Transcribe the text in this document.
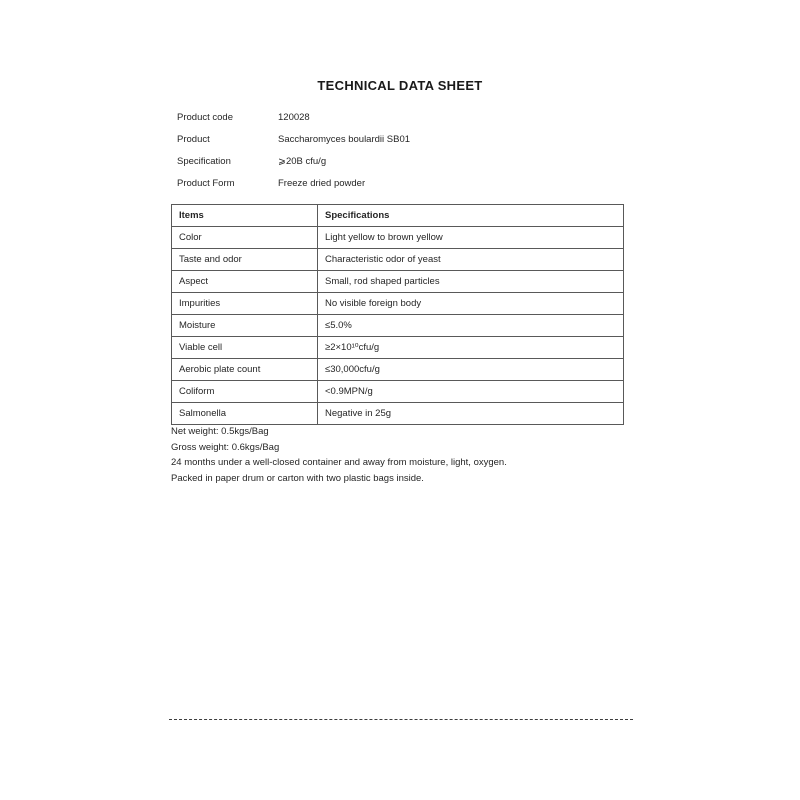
TECHNICAL DATA SHEET
Product code	120028
Product	Saccharomyces boulardii SB01
Specification	⩾20B cfu/g
Product Form	Freeze dried powder
Items	Specifications
Color	Light yellow to brown yellow
Taste and odor	Characteristic odor of yeast
Aspect	Small, rod shaped particles
Impurities	No visible foreign body
Moisture	≤5.0%
Viable cell	≥2×10¹⁰cfu/g
Aerobic plate count	≤30,000cfu/g
Coliform	<0.9MPN/g
Salmonella	Negative in 25g

Net weight: 0.5kgs/Bag

Gross weight: 0.6kgs/Bag

24 months under a well-closed container and away from moisture, light, oxygen.

Packed in paper drum or carton with two plastic bags inside.
